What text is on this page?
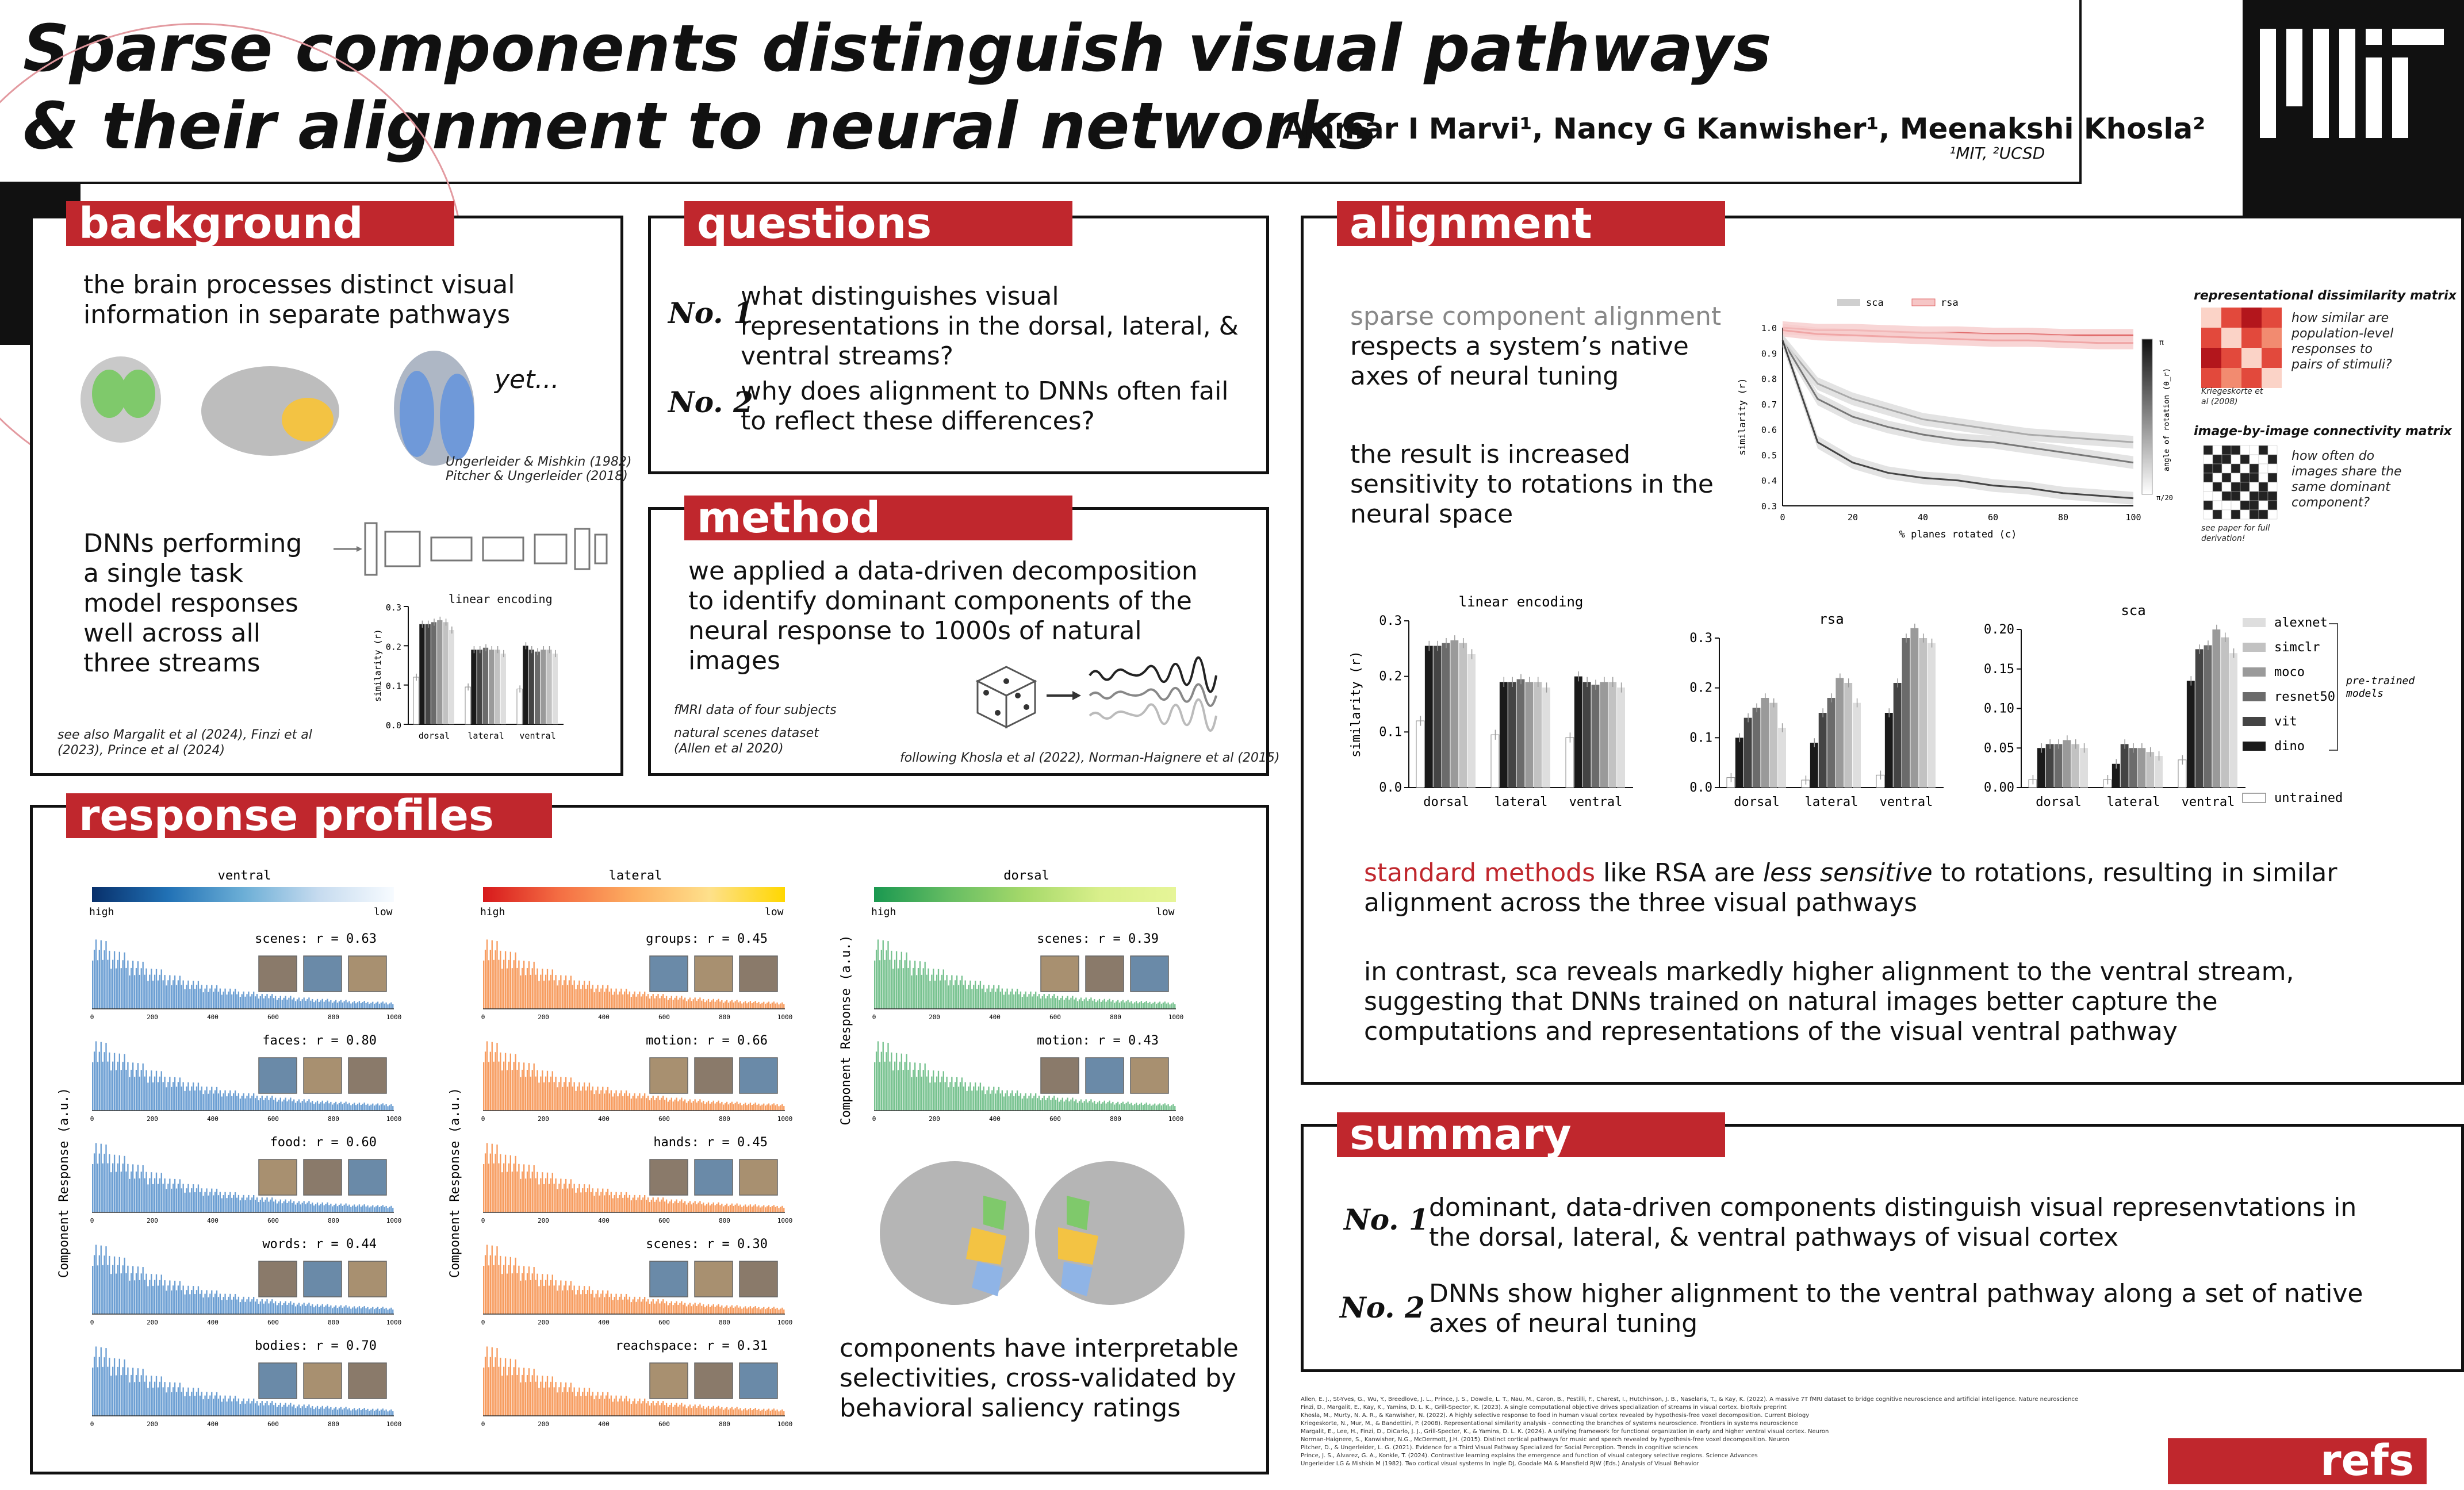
Sparse components distinguish visual pathways
& their alignment to neural networks
Ammar I Marvi¹, Nancy G Kanwisher¹, Meenakshi Khosla²
¹MIT, ²UCSD
background
the brain processes distinct visual information in separate pathways
yet...
Ungerleider & Mishkin (1982)
Pitcher & Ungerleider (2018)
DNNs performing a single task model responses well across all three streams
linear encoding
0.0
0.1
0.2
0.3
dorsal lateral ventral
similarity (r)
see also Margalit et al (2024), Finzi et al (2023), Prince et al (2024)
questions
No. 1
what distinguishes visual representations in the dorsal, lateral, & ventral streams?
No. 2
why does alignment to DNNs often fail to reflect these differences?
method
we applied a data-driven decomposition to identify dominant components of the neural response to 1000s of natural images
fMRI data of four subjects
natural scenes dataset (Allen et al 2020)
following Khosla et al (2022), Norman-Haignere et al (2015)
alignment
sparse component alignment
respects a system’s native axes of neural tuning
the result is increased sensitivity to rotations in the neural space	0.3
0.4
0.5
0.6
0.7
0.8
0.9
1.0
0	20	40	60	80	100
% planes rotated (c)
similarity (r)
sca	rsa
π
π/20
angle of rotation (θ_r)
representational dissimilarity matrix
how similar are population-level responses to pairs of stimuli?
Kriegeskorte et al (2008)
image-by-image connectivity matrix
how often do images share the same dominant component?
see paper for full derivation!
0.0
0.1
0.2
0.3
dorsal lateral ventral
linear encoding
similarity (r)
0.0
0.1
0.2
0.3
dorsal lateral ventral
rsa
0.00
0.05
0.10
0.15
0.20
dorsal lateral ventral
sca
alexnet
simclr
moco
resnet50
vit
dino
pre-trained
models
untrained
standard methods like RSA are less sensitive to rotations, resulting in similar alignment across the three visual pathways
in contrast, sca reveals markedly higher alignment to the ventral stream, suggesting that DNNs trained on natural images better capture the computations and representations of the visual ventral pathway
response profiles
ventral
high	low
0	200	400	600	800	1000
scenes: r = 0.63
0	200	400	600	800	1000
faces: r = 0.80
0	200	400	600	800	1000
food: r = 0.60
0	200	400	600	800	1000
words: r = 0.44
0	200	400	600	800	1000
bodies: r = 0.70
Component Response (a.u.)
lateral
high	low
0	200	400	600	800	1000
groups: r = 0.45
0	200	400	600	800	1000
motion: r = 0.66
0	200	400	600	800	1000
hands: r = 0.45
0	200	400	600	800	1000
scenes: r = 0.30
0	200	400	600	800	1000
reachspace: r = 0.31
Component Response (a.u.)
dorsal
high	low
0	200	400	600	800	1000
scenes: r = 0.39
0	200	400	600	800	1000
motion: r = 0.43
Component Response (a.u.)
components have interpretable selectivities, cross-validated by behavioral saliency ratings
summary
No. 1 dominant, data-driven components distinguish visual represenvtations in the dorsal, lateral, & ventral pathways of visual cortex
No. 2 DNNs show higher alignment to the ventral pathway along a set of native axes of neural tuning
Allen, E. J., St-Yves, G., Wu, Y., Breedlove, J. L., Prince, J. S., Dowdle, L. T., Nau, M., Caron, B., Pestilli, F., Charest, I., Hutchinson, J. B., Naselaris, T., & Kay, K. (2022). A massive 7T fMRI dataset to bridge cognitive neuroscience and artificial intelligence. Nature neuroscience
Finzi, D., Margalit, E., Kay, K., Yamins, D. L. K., Grill-Spector, K. (2023). A single computational objective drives specialization of streams in visual cortex. bioRxiv preprint
Khosla, M., Murty, N. A. R., & Kanwisher, N. (2022). A highly selective response to food in human visual cortex revealed by hypothesis-free voxel decomposition. Current Biology
Kriegeskorte, N., Mur, M., & Bandettini, P. (2008). Representational similarity analysis - connecting the branches of systems neuroscience. Frontiers in systems neuroscience
Margalit, E., Lee, H., Finzi, D., DiCarlo, J. J., Grill-Spector, K., & Yamins, D. L. K. (2024). A unifying framework for functional organization in early and higher ventral visual cortex. Neuron
Norman-Haignere, S., Kanwisher, N.G., McDermott, J.H. (2015). Distinct cortical pathways for music and speech revealed by hypothesis-free voxel decomposition. Neuron
Pitcher, D., & Ungerleider, L. G. (2021). Evidence for a Third Visual Pathway Specialized for Social Perception. Trends in cognitive sciences
Prince, J. S., Alvarez, G. A., Konkle, T. (2024). Contrastive learning explains the emergence and function of visual category selective regions. Science Advances
Ungerleider LG & Mishkin M (1982). Two cortical visual systems In Ingle DJ, Goodale MA & Mansfield RJW (Eds.) Analysis of Visual Behavior	refs
